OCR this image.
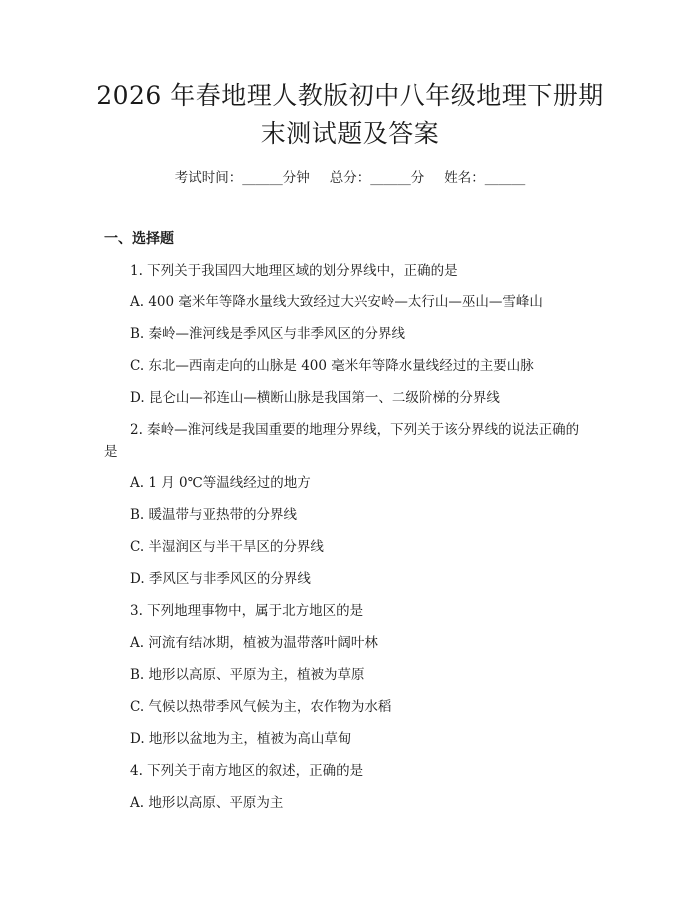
2026 年春地理人教版初中八年级地理下册期
末测试题及答案
考试时间：______分钟 总分：______分 姓名：______
一、选择题
1. 下列关于我国四大地理区域的划分界线中，正确的是
A. 400 毫米年等降水量线大致经过大兴安岭—太行山—巫山—雪峰山
B. 秦岭—淮河线是季风区与非季风区的分界线
C. 东北—西南走向的山脉是 400 毫米年等降水量线经过的主要山脉
D. 昆仑山—祁连山—横断山脉是我国第一、二级阶梯的分界线
2. 秦岭—淮河线是我国重要的地理分界线，下列关于该分界线的说法正确的
是
A. 1 月 0℃等温线经过的地方
B. 暖温带与亚热带的分界线
C. 半湿润区与半干旱区的分界线
D. 季风区与非季风区的分界线
3. 下列地理事物中，属于北方地区的是
A. 河流有结冰期，植被为温带落叶阔叶林
B. 地形以高原、平原为主，植被为草原
C. 气候以热带季风气候为主，农作物为水稻
D. 地形以盆地为主，植被为高山草甸
4. 下列关于南方地区的叙述，正确的是
A. 地形以高原、平原为主
